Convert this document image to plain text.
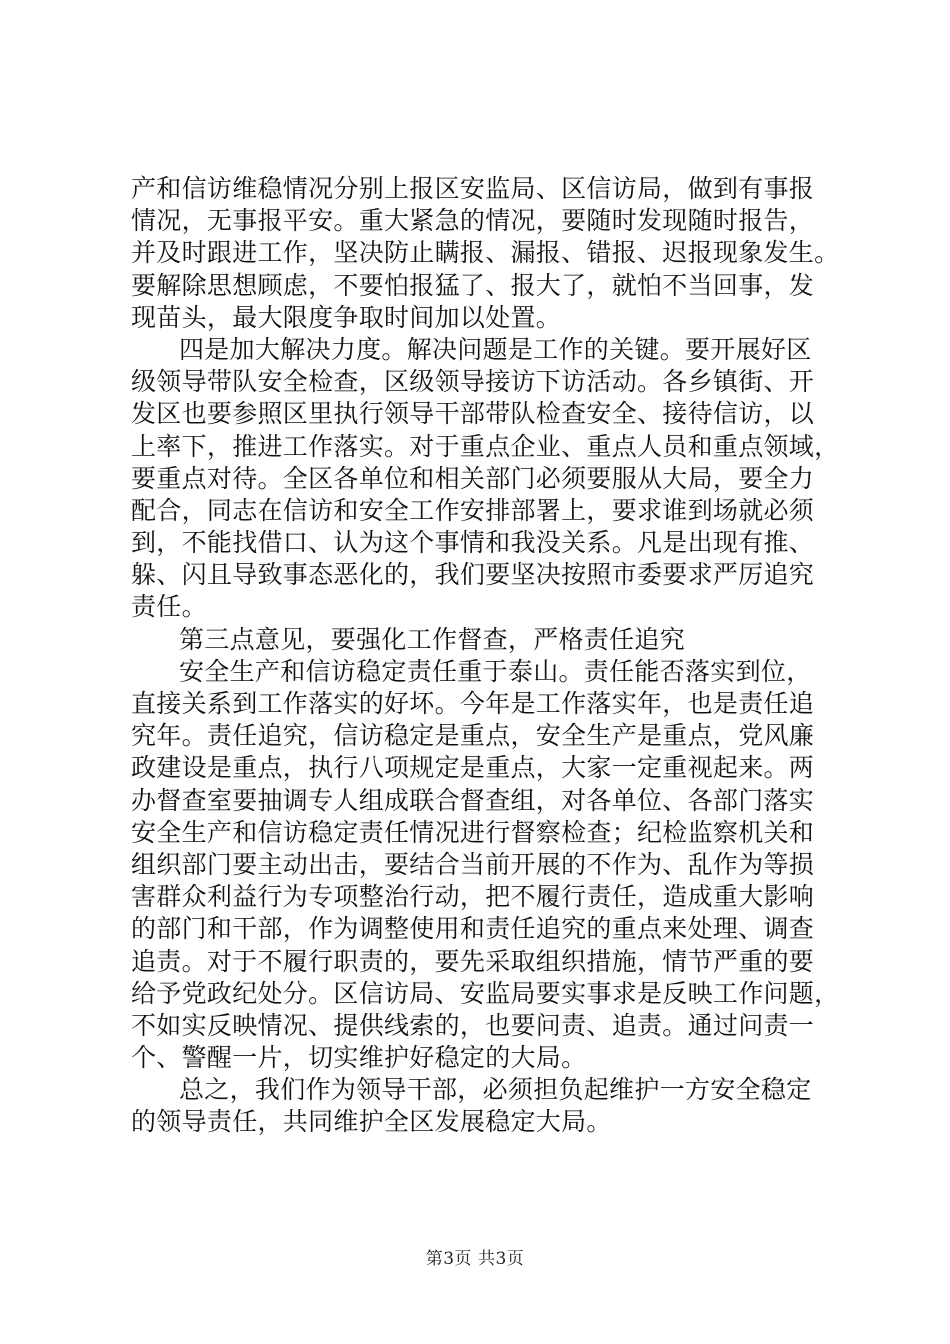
产和信访维稳情况分别上报区安监局、区信访局，做到有事报
情况，无事报平安。重大紧急的情况，要随时发现随时报告，
并及时跟进工作，坚决防止瞒报、漏报、错报、迟报现象发生。
要解除思想顾虑，不要怕报猛了、报大了，就怕不当回事，发
现苗头，最大限度争取时间加以处置。
四是加大解决力度。解决问题是工作的关键。要开展好区
级领导带队安全检查，区级领导接访下访活动。各乡镇街、开
发区也要参照区里执行领导干部带队检查安全、接待信访，以
上率下，推进工作落实。对于重点企业、重点人员和重点领域，
要重点对待。全区各单位和相关部门必须要服从大局，要全力
配合，同志在信访和安全工作安排部署上，要求谁到场就必须
到，不能找借口、认为这个事情和我没关系。凡是出现有推、
躲、闪且导致事态恶化的，我们要坚决按照市委要求严厉追究
责任。
第三点意见，要强化工作督查，严格责任追究
安全生产和信访稳定责任重于泰山。责任能否落实到位，
直接关系到工作落实的好坏。今年是工作落实年，也是责任追
究年。责任追究，信访稳定是重点，安全生产是重点，党风廉
政建设是重点，执行八项规定是重点，大家一定重视起来。两
办督查室要抽调专人组成联合督查组，对各单位、各部门落实
安全生产和信访稳定责任情况进行督察检查；纪检监察机关和
组织部门要主动出击，要结合当前开展的不作为、乱作为等损
害群众利益行为专项整治行动，把不履行责任，造成重大影响
的部门和干部，作为调整使用和责任追究的重点来处理、调查
追责。对于不履行职责的，要先采取组织措施，情节严重的要
给予党政纪处分。区信访局、安监局要实事求是反映工作问题，
不如实反映情况、提供线索的，也要问责、追责。通过问责一
个、警醒一片，切实维护好稳定的大局。
总之，我们作为领导干部，必须担负起维护一方安全稳定
的领导责任，共同维护全区发展稳定大局。
第3页 共3页
